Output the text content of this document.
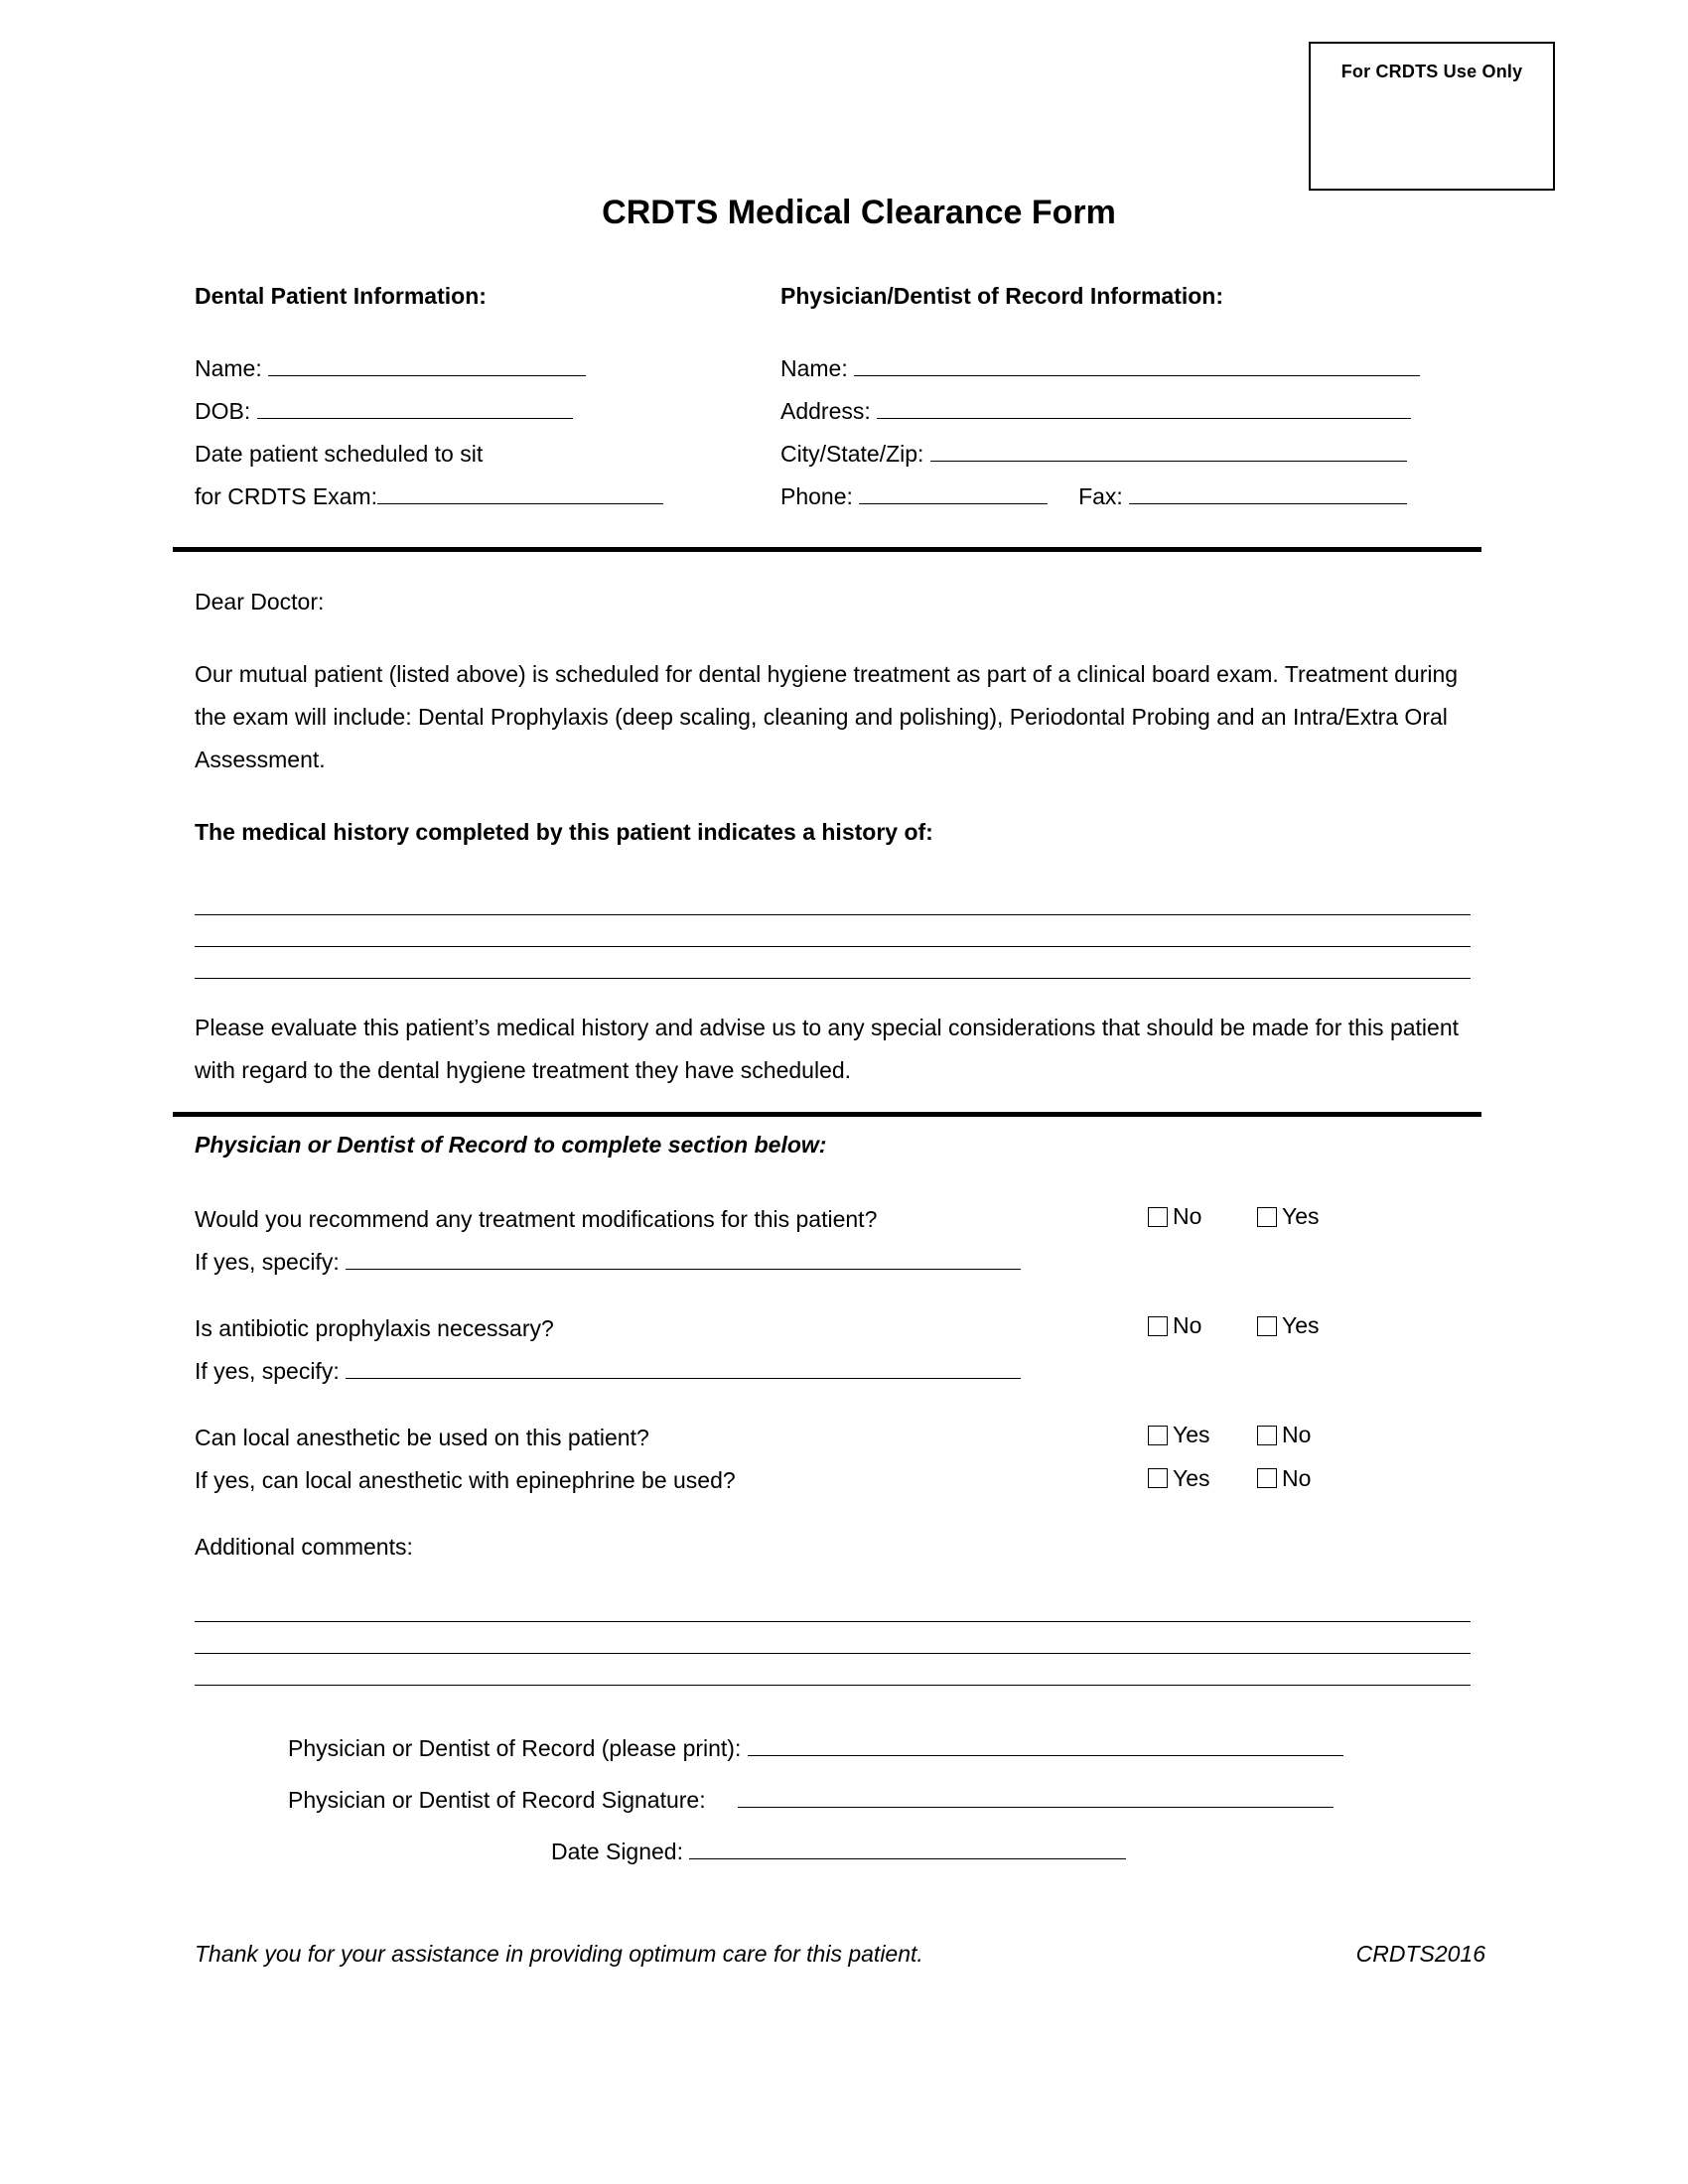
For CRDTS Use Only
CRDTS Medical Clearance Form
Dental Patient Information:
Name:
DOB:
Date patient scheduled to sit
for CRDTS Exam:
Physician/Dentist of Record Information:
Name:
Address:
City/State/Zip:
Phone:	Fax:

Dear Doctor:

Our mutual patient (listed above) is scheduled for dental hygiene treatment as part of a clinical board exam. Treatment during the exam will include: Dental Prophylaxis (deep scaling, cleaning and polishing), Periodontal Probing and an Intra/Extra Oral Assessment.

The medical history completed by this patient indicates a history of:

Please evaluate this patient’s medical history and advise us to any special considerations that should be made for this patient with regard to the dental hygiene treatment they have scheduled.

Physician or Dentist of Record to complete section below:
Would you recommend any treatment modifications for this patient?	No	Yes
If yes, specify:
Is antibiotic prophylaxis necessary?	No	Yes
If yes, specify:
Can local anesthetic be used on this patient?	Yes	No
If yes, can local anesthetic with epinephrine be used?	Yes	No
Additional comments:
Physician or Dentist of Record (please print):
Physician or Dentist of Record Signature:
Date Signed:
Thank you for your assistance in providing optimum care for this patient.	CRDTS2016
